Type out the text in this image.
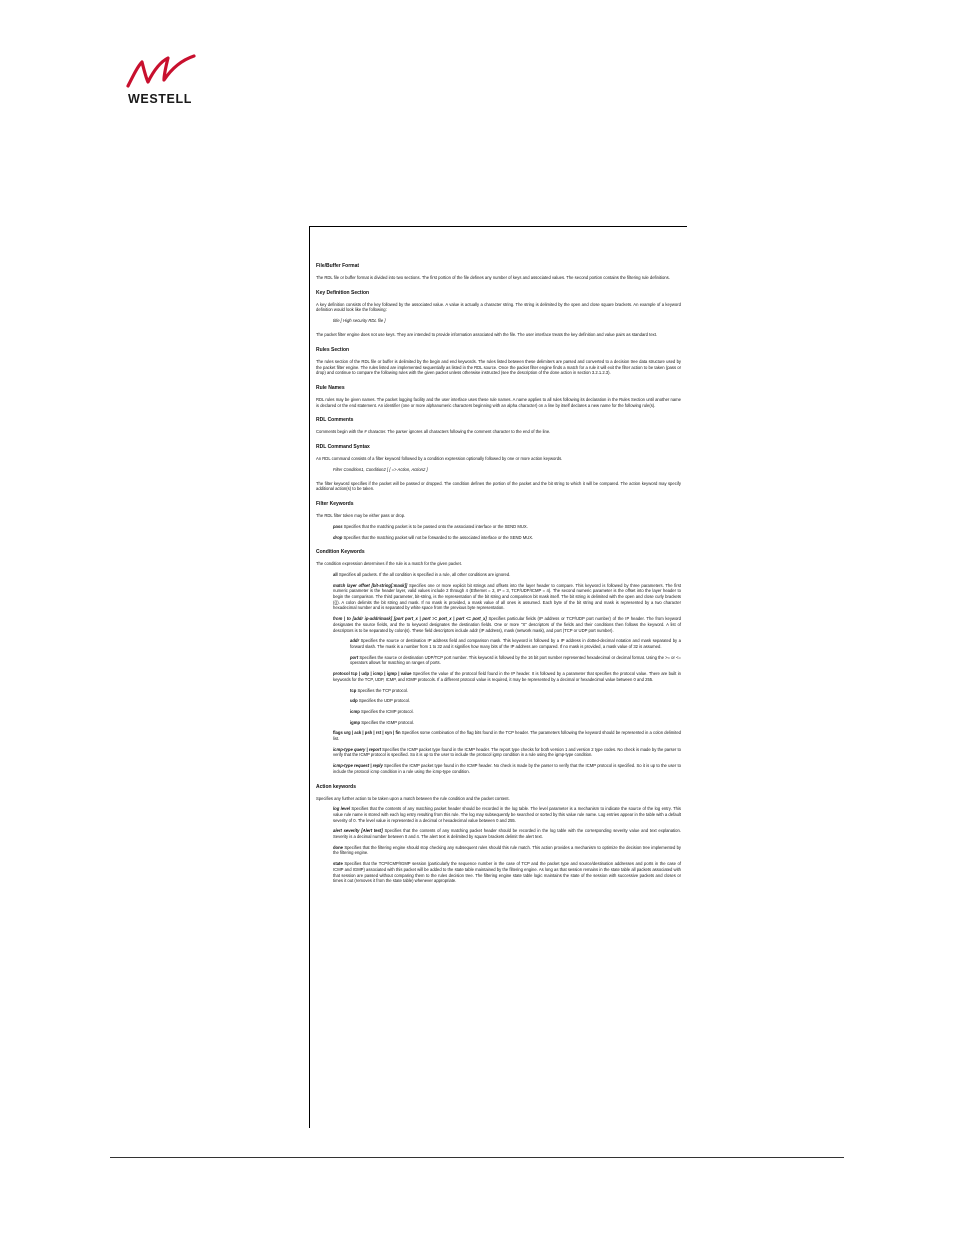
WESTELL

File/Buffer Format

The RDL file or buffer format is divided into two sections. The first portion of the file defines any number of keys and associated values. The second portion contains the filtering rule definitions.

Key Definition Section

A key definition consists of the key followed by the associated value. A value is actually a character string. The string is delimited by the open and close square brackets. An example of a keyword definition would look like the following:

title [ High security RDL file ]

The packet filter engine does not use keys. They are intended to provide information associated with the file. The user interface treats the key definition and value pairs as standard text.

Rules Section

The rules section of the RDL file or buffer is delimited by the begin and end keywords. The rules listed between these delimiters are parsed and converted to a decision tree data structure used by the packet filter engine. The rules listed are implemented sequentially as listed in the RDL source. Once the packet filter engine finds a match for a rule it will exit the filter action to be taken (pass or drop) and continue to compare the following rules with the given packet unless otherwise instructed (see the description of the done action in section 3.2.1.2.3).

Rule Names

RDL rules may be given names. The packet logging facility and the user interface uses these rule names. A name applies to all rules following its declaration in the Rules Section until another name is declared or the end statement. An identifier (one or more alphanumeric characters beginning with an alpha character) on a line by itself declares a new name for the following rule(s).

RDL Comments

Comments begin with the # character. The parser ignores all characters following the comment character to the end of the line.

RDL Command Syntax

An RDL command consists of a filter keyword followed by a condition expression optionally followed by one or more action keywords.

Filter Condition1, Condition2 [ [ => Action, Action2 ]

The filter keyword specifies if the packet will be passed or dropped. The condition defines the portion of the packet and the bit string to which it will be compared. The action keyword may specify additional action(s) to be taken.

Filter Keywords

The RDL filter token may be either pass or drop.

pass Specifies that the matching packet is to be passed onto the associated interface or the SEND MUX.

drop Specifies that the matching packet will not be forwarded to the associated interface or the SEND MUX.

Condition Keywords

The condition expression determines if the rule is a match for the given packet.

all Specifies all packets. If the all condition is specified in a rule, all other conditions are ignored.

match layer offset [bit-string[:mask]] Specifies one or more explicit bit strings and offsets into the layer header to compare. This keyword is followed by three parameters. The first numeric parameter is the header layer, valid values include 2 through 4 (Ethernet = 2, IP = 3, TCP/UDP/ICMP = 4). The second numeric parameter is the offset into the layer header to begin the comparison. The third parameter, bit-string, is the representation of the bit string and comparison bit mask itself. The bit string is delimited with the open and close curly brackets ({}). A colon delimits the bit string and mask. If no mask is provided, a mask value of all ones is assumed. Each byte of the bit string and mask is represented by a two character hexadecimal number and is separated by white space from the previous byte representation.

from | to [addr ip-addr/mask] [port port_x | port >= port_x | port <= port_x] Specifies particular fields (IP address or TCP/UDP port number) of the IP header. The from keyword designates the source fields, and the to keyword designates the destination fields. One or more "X" descriptors of the fields and their conditions then follows the keyword. A list of descriptors is to be separated by colon(s). These field descriptors include addr (IP address), mask (network mask), and port (TCP or UDP port number).

addr Specifies the source or destination IP address field and comparison mask. This keyword is followed by a IP address in dotted-decimal notation and mask separated by a forward slash. The mask is a number from 1 to 32 and it signifies how many bits of the IP address are compared. If no mask is provided, a mask value of 32 is assumed.

port Specifies the source or destination UDP/TCP port number. This keyword is followed by the 16 bit port number represented hexadecimal or decimal format. Using the >= or <= operators allows for matching on ranges of ports.

protocol tcp | udp | icmp | igmp | value Specifies the value of the protocol field found in the IP header. It is followed by a parameter that specifies the protocol value. There are built in keywords for the TCP, UDP, ICMP, and IGMP protocols. If a different protocol value is required, it may be represented by a decimal or hexadecimal value between 0 and 255.

tcp Specifies the TCP protocol.

udp Specifies the UDP protocol.

icmp Specifies the ICMP protocol.

igmp Specifies the IGMP protocol.

flags urg | ack | psh | rst | syn | fin Specifies some combination of the flag bits found in the TCP header. The parameters following the keyword should be represented in a colon delimited list.

icmp-type query | report Specifies the ICMP packet type found in the ICMP header. The report type checks for both version 1 and version 2 type codes. No check is made by the parser to verify that the ICMP protocol is specified. So it is up to the user to include the protocol igmp condition in a rule using the igmp-type condition.

icmp-type request | reply Specifies the ICMP packet type found in the ICMP header. No check is made by the parser to verify that the ICMP protocol is specified. So it is up to the user to include the protocol icmp condition in a rule using the icmp-type condition.

Action keywords

Specifies any further action to be taken upon a match between the rule condition and the packet content.

log level Specifies that the contents of any matching packet header should be recorded in the log table. The level parameter is a mechanism to indicate the source of the log entry. This value rule name is stored with each log entry resulting from this rule. The log may subsequently be searched or sorted by this value rule name. Log entries appear in the table with a default severity of 0. The level value is represented in a decimal or hexadecimal value between 0 and 255.

alert severity [Alert text] Specifies that the contents of any matching packet header should be recorded in the log table with the corresponding severity value and text explanation. Severity is a decimal number between 0 and 4. The alert text is delimited by square brackets delimit the alert text.

done Specifies that the filtering engine should stop checking any subsequent rules should this rule match. This action provides a mechanism to optimize the decision tree implemented by the filtering engine.

state Specifies that the TCP/ICMP/IGMP session (particularly the sequence number in the case of TCP and the packet type and source/destination addresses and ports in the case of ICMP and IGMP) associated with this packet will be added to the state table maintained by the filtering engine. As long as that session remains in the state table all packets associated with that session are passed without comparing them to the rules decision tree. The filtering engine state table logic maintains the state of the session with successive packets and closes or times it out (removes it from the state table) whenever appropriate.
